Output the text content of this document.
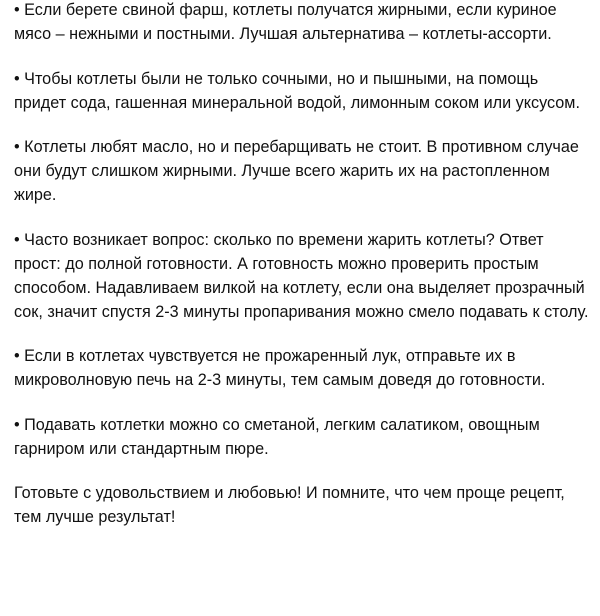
• Если берете свиной фарш, котлеты получатся жирными, если куриное мясо – нежными и постными. Лучшая альтернатива – котлеты-ассорти.

• Чтобы котлеты были не только сочными, но и пышными, на помощь придет сода, гашенная минеральной водой, лимонным соком или уксусом.

• Котлеты любят масло, но и перебарщивать не стоит. В противном случае они будут слишком жирными. Лучше всего жарить их на растопленном жире.

• Часто возникает вопрос: сколько по времени жарить котлеты? Ответ прост: до полной готовности. А готовность можно проверить простым способом. Надавливаем вилкой на котлету, если она выделяет прозрачный сок, значит спустя 2-3 минуты пропаривания можно смело подавать к столу.

• Если в котлетах чувствуется не прожаренный лук, отправьте их в микроволновую печь на 2-3 минуты, тем самым доведя до готовности.

• Подавать котлетки можно со сметаной, легким салатиком, овощным гарниром или стандартным пюре.

Готовьте с удовольствием и любовью! И помните, что чем проще рецепт, тем лучше результат!
